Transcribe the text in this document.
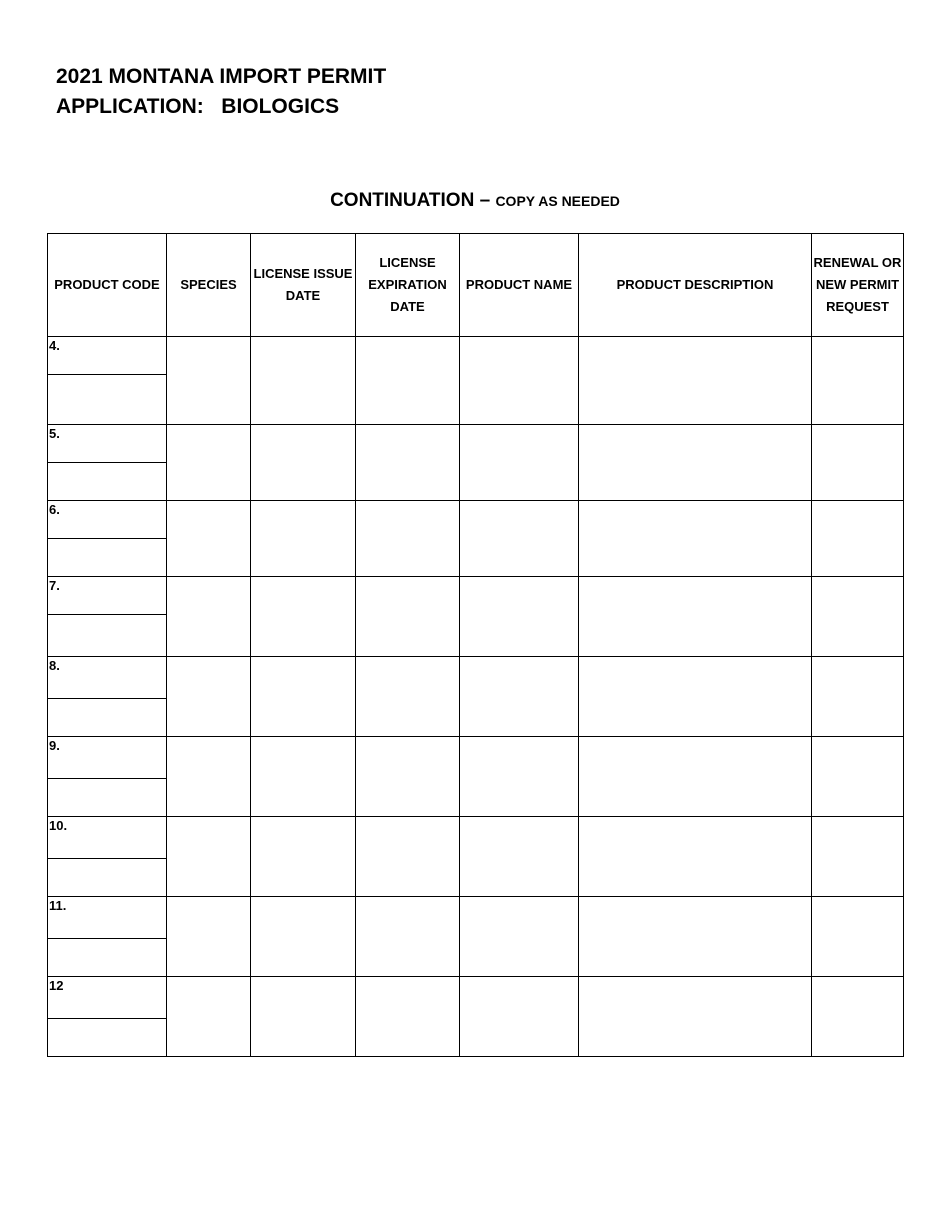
2021 MONTANA IMPORT PERMIT
APPLICATION:   BIOLOGICS
CONTINUATION – COPY AS NEEDED
PRODUCT CODE	SPECIES	LICENSE ISSUE DATE	LICENSE EXPIRATION DATE	PRODUCT NAME	PRODUCT DESCRIPTION	RENEWAL OR NEW PERMIT REQUEST

4.						

5.						

6.						

7.						

8.						

9.						

10.						

11.						

12						
